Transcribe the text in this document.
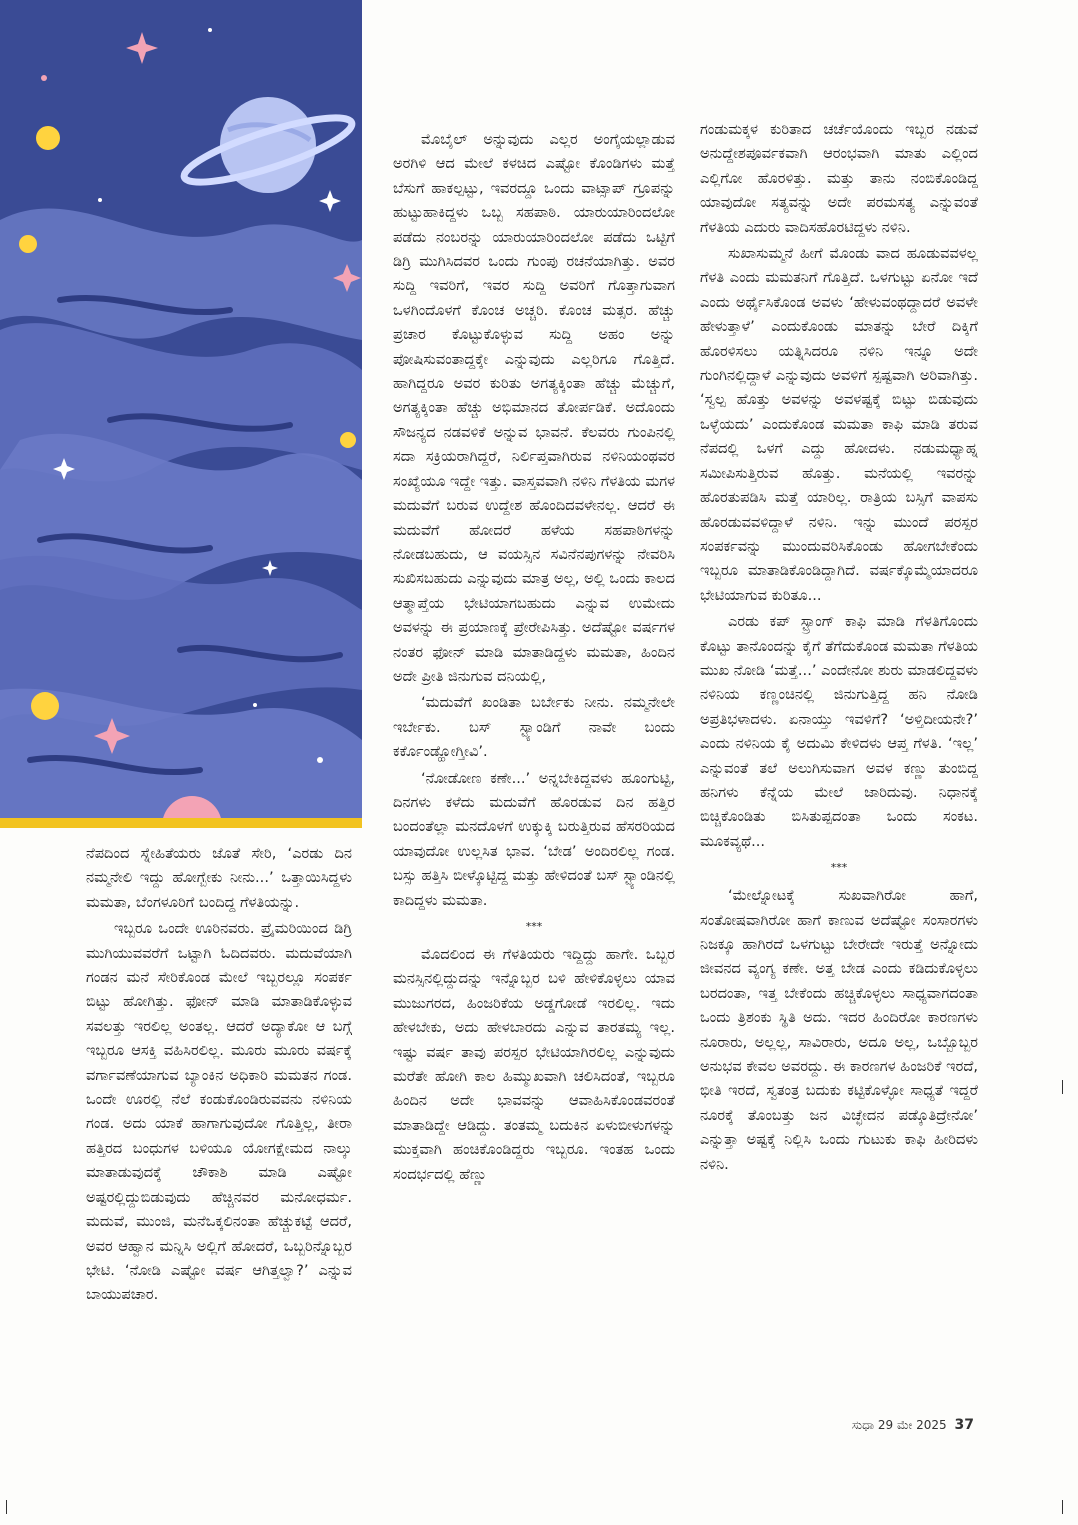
ನೆಪದಿಂದ ಸ್ನೇಹಿತೆಯರು ಜೊತೆ ಸೇರಿ, ‘ಎರಡು ದಿನ ನಮ್ಮನೇಲಿ ಇದ್ದು ಹೋಗ್ಬೇಕು ನೀನು...’ ಒತ್ತಾಯಿಸಿದ್ದಳು ಮಮತಾ, ಬೆಂಗಳೂರಿಗೆ ಬಂದಿದ್ದ ಗೆಳತಿಯನ್ನು.

ಇಬ್ಬರೂ ಒಂದೇ ಊರಿನವರು. ಪ್ರೈಮರಿಯಿಂದ ಡಿಗ್ರಿ ಮುಗಿಯುವವರೆಗೆ ಒಟ್ಟಾಗಿ ಓದಿದವರು. ಮದುವೆಯಾಗಿ ಗಂಡನ ಮನೆ ಸೇರಿಕೊಂಡ ಮೇಲೆ ಇಬ್ಬರಲ್ಲೂ ಸಂಪರ್ಕ ಬಿಟ್ಟು ಹೋಗಿತ್ತು. ಫೋನ್ ಮಾಡಿ ಮಾತಾಡಿಕೊಳ್ಳುವ ಸವಲತ್ತು ಇರಲಿಲ್ಲ ಅಂತಲ್ಲ. ಆದರೆ ಅದ್ಯಾಕೋ ಆ ಬಗ್ಗೆ ಇಬ್ಬರೂ ಆಸಕ್ತಿ ವಹಿಸಿರಲಿಲ್ಲ. ಮೂರು ಮೂರು ವರ್ಷಕ್ಕೆ ವರ್ಗಾವಣೆಯಾಗುವ ಬ್ಯಾಂಕಿನ ಅಧಿಕಾರಿ ಮಮತನ ಗಂಡ. ಒಂದೇ ಊರಲ್ಲಿ ನೆಲೆ ಕಂಡುಕೊಂಡಿರುವವನು ನಳಿನಿಯ ಗಂಡ. ಅದು ಯಾಕೆ ಹಾಗಾಗುವುದೋ ಗೊತ್ತಿಲ್ಲ, ತೀರಾ ಹತ್ತಿರದ ಬಂಧುಗಳ ಬಳಿಯೂ ಯೋಗಕ್ಷೇಮದ ನಾಲ್ಕು ಮಾತಾಡುವುದಕ್ಕೆ ಚೌಕಾಶಿ ಮಾಡಿ ಎಷ್ಟೋ ಅಷ್ಟರಲ್ಲಿದ್ದುಬಿಡುವುದು ಹೆಚ್ಚಿನವರ ಮನೋಧರ್ಮ. ಮದುವೆ, ಮುಂಜಿ, ಮನೆಒಕ್ಕಲಿನಂತಾ ಹೆಚ್ಚುಕಟ್ಟೆ ಆದರೆ, ಅವರ ಆಹ್ವಾನ ಮನ್ನಿಸಿ ಅಲ್ಲಿಗೆ ಹೋದರೆ, ಒಬ್ಬರಿನ್ನೊಬ್ಬರ ಭೇಟಿ. ‘ನೋಡಿ ಎಷ್ಟೋ ವರ್ಷ ಆಗಿತ್ತಲ್ವಾ?’ ಎನ್ನುವ ಬಾಯುಪಚಾರ.

ಮೊಬೈಲ್ ಅನ್ನುವುದು ಎಲ್ಲರ ಅಂಗೈಯಲ್ಲಾಡುವ ಅರಗಿಳಿ ಆದ ಮೇಲೆ ಕಳಚಿದ ಎಷ್ಟೋ ಕೊಂಡಿಗಳು ಮತ್ತೆ ಬೆಸುಗೆ ಹಾಕಲ್ಪಟ್ಟು, ಇವರದ್ದೂ ಒಂದು ವಾಟ್ಸಾಪ್ ಗ್ರೂಪನ್ನು ಹುಟ್ಟುಹಾಕಿದ್ದಳು ಒಬ್ಬ ಸಹಪಾಠಿ. ಯಾರುಯಾರಿಂದಲೋ ಪಡೆದು ನಂಬರನ್ನು ಯಾರುಯಾರಿಂದಲೋ ಪಡೆದು ಒಟ್ಟಿಗೆ ಡಿಗ್ರಿ ಮುಗಿಸಿದವರ ಒಂದು ಗುಂಪು ರಚನೆಯಾಗಿತ್ತು. ಅವರ ಸುದ್ದಿ ಇವರಿಗೆ, ಇವರ ಸುದ್ದಿ ಅವರಿಗೆ ಗೊತ್ತಾಗುವಾಗ ಒಳಗಿಂದೊಳಗೆ ಕೊಂಚ ಅಚ್ಚರಿ. ಕೊಂಚ ಮತ್ಸರ. ಹೆಚ್ಚು ಪ್ರಚಾರ ಕೊಟ್ಟುಕೊಳ್ಳುವ ಸುದ್ದಿ ಅಹಂ ಅನ್ನು ಪೋಷಿಸುವಂತಾದ್ದಕ್ಕೇ ಎನ್ನುವುದು ಎಲ್ಲರಿಗೂ ಗೊತ್ತಿದೆ. ಹಾಗಿದ್ದರೂ ಅವರ ಕುರಿತು ಅಗತ್ಯಕ್ಕಿಂತಾ ಹೆಚ್ಚು ಮೆಚ್ಚುಗೆ, ಅಗತ್ಯಕ್ಕಿಂತಾ ಹೆಚ್ಚು ಅಭಿಮಾನದ ತೋರ್ಪಡಿಕೆ. ಅದೊಂದು ಸೌಜನ್ಯದ ನಡವಳಿಕೆ ಅನ್ನುವ ಭಾವನೆ. ಕೆಲವರು ಗುಂಪಿನಲ್ಲಿ ಸದಾ ಸಕ್ರಿಯರಾಗಿದ್ದರೆ, ನಿರ್ಲಿಪ್ತವಾಗಿರುವ ನಳಿನಿಯಂಥವರ ಸಂಖ್ಯೆಯೂ ಇದ್ದೇ ಇತ್ತು. ವಾಸ್ತವವಾಗಿ ನಳಿನಿ ಗೆಳತಿಯ ಮಗಳ ಮದುವೆಗೆ ಬರುವ ಉದ್ದೇಶ ಹೊಂದಿದವಳೇನಲ್ಲ. ಆದರೆ ಈ ಮದುವೆಗೆ ಹೋದರೆ ಹಳೆಯ ಸಹಪಾಠಿಗಳನ್ನು ನೋಡಬಹುದು, ಆ ವಯಸ್ಸಿನ ಸವಿನೆನಪುಗಳನ್ನು ನೇವರಿಸಿ ಸುಖಿಸಬಹುದು ಎನ್ನುವುದು ಮಾತ್ರ ಅಲ್ಲ, ಅಲ್ಲಿ ಒಂದು ಕಾಲದ ಆತ್ಮಾಪ್ತೆಯ ಭೇಟಿಯಾಗಬಹುದು ಎನ್ನುವ ಉಮೇದು ಅವಳನ್ನು ಈ ಪ್ರಯಾಣಕ್ಕೆ ಪ್ರೇರೇಪಿಸಿತ್ತು. ಅದೆಷ್ಟೋ ವರ್ಷಗಳ ನಂತರ ಫೋನ್ ಮಾಡಿ ಮಾತಾಡಿದ್ದಳು ಮಮತಾ, ಹಿಂದಿನ ಅದೇ ಪ್ರೀತಿ ಜಿನುಗುವ ದನಿಯಲ್ಲಿ,

‘ಮದುವೆಗೆ ಖಂಡಿತಾ ಬರ್ಬೇಕು ನೀನು. ನಮ್ಮನೇಲೇ ಇರ್ಬೇಕು. ಬಸ್ ಸ್ಟ್ಯಾಂಡಿಗೆ ನಾವೇ ಬಂದು ಕರ್ಕೊಂಡ್ಹೋಗ್ತೀವಿ’.

‘ನೋಡೋಣ ಕಣೇ...’ ಅನ್ನಬೇಕಿದ್ದವಳು ಹೂಂಗುಟ್ಟಿ, ದಿನಗಳು ಕಳೆದು ಮದುವೆಗೆ ಹೊರಡುವ ದಿನ ಹತ್ತಿರ ಬಂದಂತೆಲ್ಲಾ ಮನದೊಳಗೆ ಉಕ್ಕುಕ್ಕಿ ಬರುತ್ತಿರುವ ಹೆಸರರಿಯದ ಯಾವುದೋ ಉಲ್ಲಸಿತ ಭಾವ. ‘ಬೇಡ’ ಅಂದಿರಲಿಲ್ಲ ಗಂಡ. ಬಸ್ಸು ಹತ್ತಿಸಿ ಬೀಳ್ಕೊಟ್ಟಿದ್ದ ಮತ್ತು ಹೇಳಿದಂತೆ ಬಸ್ ಸ್ಟ್ಯಾಂಡಿನಲ್ಲಿ ಕಾದಿದ್ದಳು ಮಮತಾ.

***

ಮೊದಲಿಂದ ಈ ಗೆಳತಿಯರು ಇದ್ದಿದ್ದು ಹಾಗೇ. ಒಬ್ಬರ ಮನಸ್ಸಿನಲ್ಲಿದ್ದುದನ್ನು ಇನ್ನೊಬ್ಬರ ಬಳಿ ಹೇಳಿಕೊಳ್ಳಲು ಯಾವ ಮುಜುಗರದ, ಹಿಂಜರಿಕೆಯ ಅಡ್ಡಗೋಡೆ ಇರಲಿಲ್ಲ. ಇದು ಹೇಳಬೇಕು, ಅದು ಹೇಳಬಾರದು ಎನ್ನುವ ತಾರತಮ್ಯ ಇಲ್ಲ. ಇಷ್ಟು ವರ್ಷ ತಾವು ಪರಸ್ಪರ ಭೇಟಿಯಾಗಿರಲಿಲ್ಲ ಎನ್ನುವುದು ಮರೆತೇ ಹೋಗಿ ಕಾಲ ಹಿಮ್ಮುಖವಾಗಿ ಚಲಿಸಿದಂತೆ, ಇಬ್ಬರೂ ಹಿಂದಿನ ಅದೇ ಭಾವವನ್ನು ಆವಾಹಿಸಿಕೊಂಡವರಂತೆ ಮಾತಾಡಿದ್ದೇ ಆಡಿದ್ದು. ತಂತಮ್ಮ ಬದುಕಿನ ಏಳುಬೀಳುಗಳನ್ನು ಮುಕ್ತವಾಗಿ ಹಂಚಿಕೊಂಡಿದ್ದರು ಇಬ್ಬರೂ. ಇಂತಹ ಒಂದು ಸಂದರ್ಭದಲ್ಲಿ ಹೆಣ್ಣು

ಗಂಡುಮಕ್ಕಳ ಕುರಿತಾದ ಚರ್ಚೆಯೊಂದು ಇಬ್ಬರ ನಡುವೆ ಅನುದ್ದೇಶಪೂರ್ವಕವಾಗಿ ಆರಂಭವಾಗಿ ಮಾತು ಎಲ್ಲಿಂದ ಎಲ್ಲಿಗೋ ಹೊರಳಿತ್ತು. ಮತ್ತು ತಾನು ನಂಬಿಕೊಂಡಿದ್ದ ಯಾವುದೋ ಸತ್ಯವನ್ನು ಅದೇ ಪರಮಸತ್ಯ ಎನ್ನುವಂತೆ ಗೆಳತಿಯ ಎದುರು ವಾದಿಸಹೊರಟಿದ್ದಳು ನಳಿನಿ.

ಸುಖಾಸುಮ್ಮನೆ ಹೀಗೆ ಮೊಂಡು ವಾದ ಹೂಡುವವಳಲ್ಲ ಗೆಳತಿ ಎಂದು ಮಮತನಿಗೆ ಗೊತ್ತಿದೆ. ಒಳಗುಟ್ಟು ಏನೋ ಇದೆ ಎಂದು ಅರ್ಥೈಸಿಕೊಂಡ ಅವಳು ‘ಹೇಳುವಂಥದ್ದಾದರೆ ಅವಳೇ ಹೇಳುತ್ತಾಳೆ’ ಎಂದುಕೊಂಡು ಮಾತನ್ನು ಬೇರೆ ದಿಕ್ಕಿಗೆ ಹೊರಳಿಸಲು ಯತ್ನಿಸಿದರೂ ನಳಿನಿ ಇನ್ನೂ ಅದೇ ಗುಂಗಿನಲ್ಲಿದ್ದಾಳೆ ಎನ್ನುವುದು ಅವಳಿಗೆ ಸ್ಪಷ್ಟವಾಗಿ ಅರಿವಾಗಿತ್ತು. ‘ಸ್ವಲ್ಪ ಹೊತ್ತು ಅವಳನ್ನು ಅವಳಷ್ಟಕ್ಕೆ ಬಿಟ್ಟು ಬಿಡುವುದು ಒಳ್ಳೆಯದು’ ಎಂದುಕೊಂಡ ಮಮತಾ ಕಾಫಿ ಮಾಡಿ ತರುವ ನೆಪದಲ್ಲಿ ಒಳಗೆ ಎದ್ದು ಹೋದಳು. ನಡುಮಧ್ಯಾಹ್ನ ಸಮೀಪಿಸುತ್ತಿರುವ ಹೊತ್ತು. ಮನೆಯಲ್ಲಿ ಇವರನ್ನು ಹೊರತುಪಡಿಸಿ ಮತ್ತೆ ಯಾರಿಲ್ಲ. ರಾತ್ರಿಯ ಬಸ್ಸಿಗೆ ವಾಪಸು ಹೊರಡುವವಳಿದ್ದಾಳೆ ನಳಿನಿ. ಇನ್ನು ಮುಂದೆ ಪರಸ್ಪರ ಸಂಪರ್ಕವನ್ನು ಮುಂದುವರಿಸಿಕೊಂಡು ಹೋಗಬೇಕೆಂದು ಇಬ್ಬರೂ ಮಾತಾಡಿಕೊಂಡಿದ್ದಾಗಿದೆ. ವರ್ಷಕ್ಕೊಮ್ಮೆಯಾದರೂ ಭೇಟಿಯಾಗುವ ಕುರಿತೂ...

ಎರಡು ಕಪ್ ಸ್ಟ್ರಾಂಗ್ ಕಾಫಿ ಮಾಡಿ ಗೆಳತಿಗೊಂದು ಕೊಟ್ಟು ತಾನೊಂದನ್ನು ಕೈಗೆ ತೆಗೆದುಕೊಂಡ ಮಮತಾ ಗೆಳತಿಯ ಮುಖ ನೋಡಿ ‘ಮತ್ತೆ...’ ಎಂದೇನೋ ಶುರು ಮಾಡಲಿದ್ದವಳು ನಳಿನಿಯ ಕಣ್ಣಂಚಿನಲ್ಲಿ ಜಿನುಗುತ್ತಿದ್ದ ಹನಿ ನೋಡಿ ಅಪ್ರತಿಭಳಾದಳು. ಏನಾಯ್ತು ಇವಳಿಗೆ? ‘ಅಳ್ತಿದೀಯನೇ?’ ಎಂದು ನಳಿನಿಯ ಕೈ ಅದುಮಿ ಕೇಳಿದಳು ಆಪ್ತ ಗೆಳತಿ. ‘ಇಲ್ಲ’ ಎನ್ನುವಂತೆ ತಲೆ ಅಲುಗಿಸುವಾಗ ಅವಳ ಕಣ್ಣು ತುಂಬಿದ್ದ ಹನಿಗಳು ಕೆನ್ನೆಯ ಮೇಲೆ ಜಾರಿದುವು. ನಿಧಾನಕ್ಕೆ ಬಿಚ್ಚಿಕೊಂಡಿತು ಬಿಸಿತುಪ್ಪದಂತಾ ಒಂದು ಸಂಕಟ. ಮೂಕವ್ಯಥೆ...

***

‘ಮೇಲ್ನೋಟಕ್ಕೆ ಸುಖವಾಗಿರೋ ಹಾಗೆ, ಸಂತೋಷವಾಗಿರೋ ಹಾಗೆ ಕಾಣುವ ಅದೆಷ್ಟೋ ಸಂಸಾರಗಳು ನಿಜಕ್ಕೂ ಹಾಗಿರದೆ ಒಳಗುಟ್ಟು ಬೇರೇದೇ ಇರುತ್ತೆ ಅನ್ನೋದು ಜೀವನದ ವ್ಯಂಗ್ಯ ಕಣೇ. ಅತ್ತ ಬೇಡ ಎಂದು ಕಡಿದುಕೊಳ್ಳಲು ಬರದಂತಾ, ಇತ್ತ ಬೇಕೆಂದು ಹಚ್ಚಿಕೊಳ್ಳಲು ಸಾಧ್ಯವಾಗದಂತಾ ಒಂದು ತ್ರಿಶಂಕು ಸ್ಥಿತಿ ಅದು. ಇದರ ಹಿಂದಿರೋ ಕಾರಣಗಳು ನೂರಾರು, ಅಲ್ಲಲ್ಲ, ಸಾವಿರಾರು, ಅದೂ ಅಲ್ಲ, ಒಬ್ಬೊಬ್ಬರ ಅನುಭವ ಕೇವಲ ಅವರದ್ದು. ಈ ಕಾರಣಗಳ ಹಿಂಜರಿಕೆ ಇರದೆ, ಭೀತಿ ಇರದೆ, ಸ್ವತಂತ್ರ ಬದುಕು ಕಟ್ಟಿಕೊಳ್ಳೋ ಸಾಧ್ಯತೆ ಇದ್ದರೆ ನೂರಕ್ಕೆ ತೊಂಬತ್ತು ಜನ ವಿಚ್ಛೇದನ ಪಡ್ಕೊತಿದ್ರೇನೋ’ ಎನ್ನುತ್ತಾ ಅಷ್ಟಕ್ಕೆ ನಿಲ್ಲಿಸಿ ಒಂದು ಗುಟುಕು ಕಾಫಿ ಹೀರಿದಳು ನಳಿನಿ.

ಸುಧಾ 29 ಮೇ 2025 37
